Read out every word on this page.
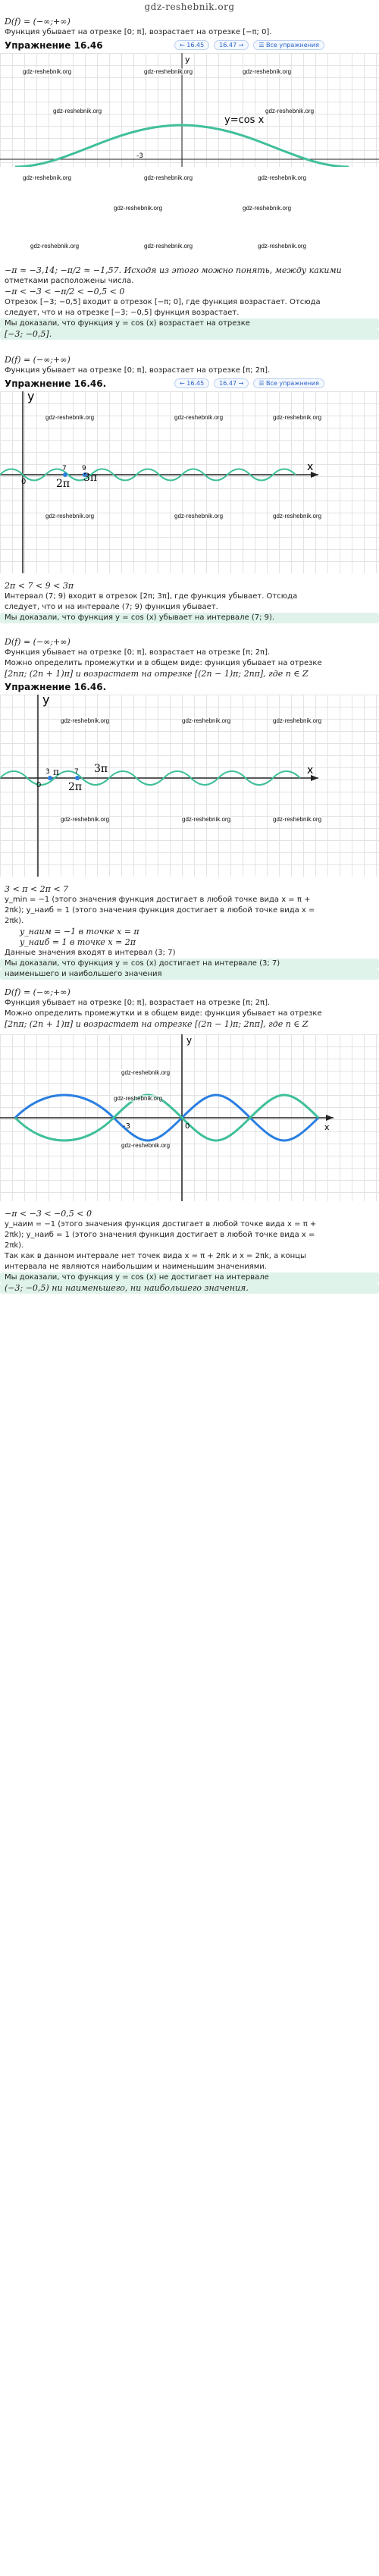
gdz-reshebnik.org
D(f) = (−∞;+∞)
Функция убывает на отрезке [0; π], возрастает на отрезке [−π; 0].
Упражнение 16.46	← 16.45	16.47 →	☰ Все упражнения
y
y=cos x
-3
gdz-reshebnik.org	gdz-reshebnik.org	gdz-reshebnik.org
gdz-reshebnik.org	gdz-reshebnik.org
gdz-reshebnik.org	gdz-reshebnik.org	gdz-reshebnik.org
gdz-reshebnik.org	gdz-reshebnik.org
gdz-reshebnik.org	gdz-reshebnik.org	gdz-reshebnik.org
−π ≈ −3,14; −π/2 ≈ −1,57. Исходя из этого можно понять, между какими
отметками расположены числа.
−π < −3 < −π/2 < −0,5 < 0
Отрезок [−3; −0,5] входит в отрезок [−π; 0], где функция возрастает. Отсюда
следует, что и на отрезке [−3; −0,5] функция возрастает.
Мы доказали, что функция y = cos (x) возрастает на отрезке
[−3; −0,5].
D(f) = (−∞;+∞)
Функция убывает на отрезке [0; π], возрастает на отрезке [π; 2π].
Упражнение 16.46.	← 16.45	16.47 →	☰ Все упражнения
y
x
0
7 9
2π 3π
gdz-reshebnik.org	gdz-reshebnik.org	gdz-reshebnik.org
gdz-reshebnik.org	gdz-reshebnik.org	gdz-reshebnik.org
2π < 7 < 9 < 3π
Интервал (7; 9) входит в отрезок [2π; 3π], где функция убывает. Отсюда
следует, что и на интервале (7; 9) функция убывает.
Мы доказали, что функция y = cos (x) убывает на интервале (7; 9).
D(f) = (−∞;+∞)
Функция убывает на отрезке [0; π], возрастает на отрезке [π; 2π].
Можно определить промежутки и в общем виде: функция убывает на отрезке
[2nπ; (2n + 1)π] и возрастает на отрезке [(2n − 1)π; 2nπ], где n ∈ Z
Упражнение 16.46.
y
x
0
3 π 7
2π
3π
gdz-reshebnik.org	gdz-reshebnik.org	gdz-reshebnik.org
gdz-reshebnik.org	gdz-reshebnik.org	gdz-reshebnik.org
3 < π < 2π < 7
y_min = −1 (этого значения функция достигает в любой точке вида x = π +
2πk); y_наиб = 1 (этого значения функция достигает в любой точке вида x =
2πk).
y_наим = −1 в точке x = π
y_наиб = 1 в точке x = 2π
Данные значения входят в интервал (3; 7)
Мы доказали, что функция y = cos (x) достигает на интервале (3; 7)
наименьшего и наибольшего значения
D(f) = (−∞;+∞)
Функция убывает на отрезке [0; π], возрастает на отрезке [π; 2π].
Можно определить промежутки и в общем виде: функция убывает на отрезке
[2nπ; (2n + 1)π] и возрастает на отрезке [(2n − 1)π; 2nπ], где n ∈ Z
y
x
-3	0
gdz-reshebnik.org
gdz-reshebnik.org
gdz-reshebnik.org
−π < −3 < −0,5 < 0
y_наим = −1 (этого значения функция достигает в любой точке вида x = π +
2πk); y_наиб = 1 (этого значения функция достигает в любой точке вида x =
2πk).
Так как в данном интервале нет точек вида x = π + 2πk и x = 2πk, а концы
интервала не являются наибольшим и наименьшим значениями.
Мы доказали, что функция y = cos (x) не достигает на интервале
(−3; −0,5) ни наименьшего, ни наибольшего значения.
